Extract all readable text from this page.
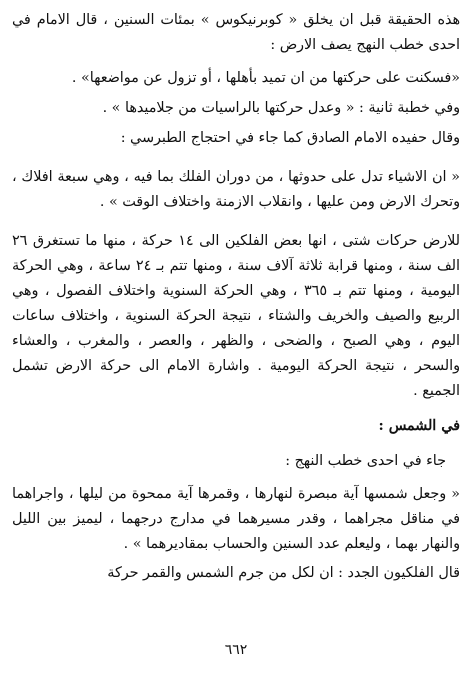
هذه الحقيقة قبل ان يخلق « كوبرنيكوس » بمئات السنين ، قال الامام في احدى خطب النهج يصف الارض :

«فسكنت على حركتها من ان تميد بأهلها ، أو تزول عن مواضعها» .

وفي خطبة ثانية : « وعدل حركتها بالراسيات من جلاميدها » .

وقال حفيده الامام الصادق كما جاء في احتجاج الطبرسي :

« ان الاشياء تدل على حدوثها ، من دوران الفلك بما فيه ، وهي سبعة افلاك ، وتحرك الارض ومن عليها ، وانقلاب الازمنة واختلاف الوقت » .

للارض حركات شتى ، انها بعض الفلكين الى ١٤ حركة ، منها ما تستغرق ٢٦ الف سنة ، ومنها قرابة ثلاثة آلاف سنة ، ومنها تتم بـ ٢٤ ساعة ، وهي الحركة اليومية ، ومنها تتم بـ ٣٦٥ ، وهي الحركة السنوية واختلاف الفصول ، وهي الربيع والصيف والخريف والشتاء ، نتيجة الحركة السنوية ، واختلاف ساعات اليوم ، وهي الصبح ، والضحى ، والظهر ، والعصر ، والمغرب ، والعشاء والسحر ، نتيجة الحركة اليومية . واشارة الامام الى حركة الارض تشمل الجميع .

في الشمس :

جاء في احدى خطب النهج :

« وجعل شمسها آية مبصرة لنهارها ، وقمرها آية ممحوة من ليلها ، واجراهما في مناقل مجراهما ، وقدر مسيرهما في مدارج درجهما ، ليميز بين الليل والنهار بهما ، وليعلم عدد السنين والحساب بمقاديرهما » .

قال الفلكيون الجدد : ان لكل من جرم الشمس والقمر حركة

٦٦٢
